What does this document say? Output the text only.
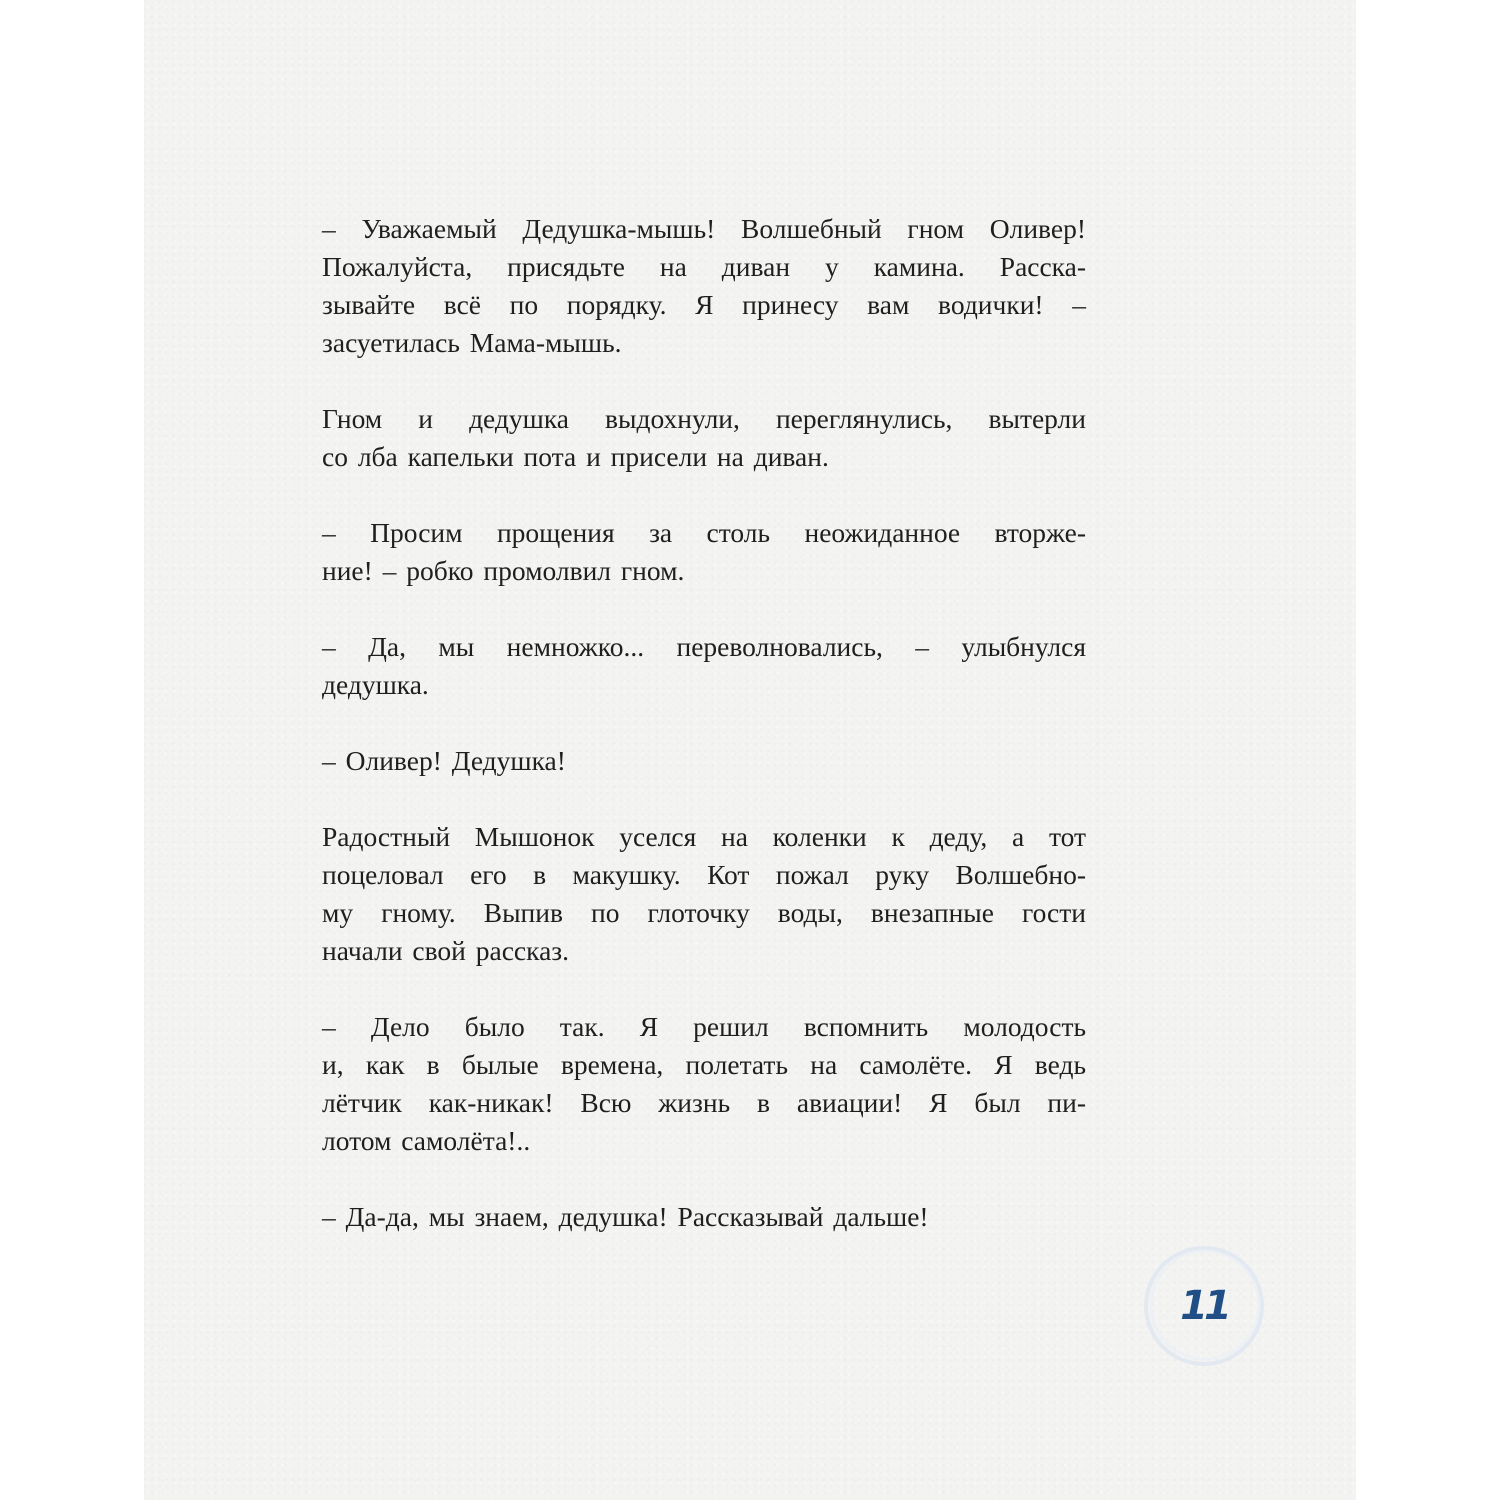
– Уважаемый Дедушка-мышь! Волшебный гном Оливер!
Пожалуйста, присядьте на диван у камина. Расска-
зывайте всё по порядку. Я принесу вам водички! –
засуетилась Мама-мышь.
Гном и дедушка выдохнули, переглянулись, вытерли
со лба капельки пота и присели на диван.
– Просим прощения за столь неожиданное вторже-
ние! – робко промолвил гном.
– Да, мы немножко... переволновались, – улыбнулся
дедушка.
– Оливер! Дедушка!
Радостный Мышонок уселся на коленки к деду, а тот
поцеловал его в макушку. Кот пожал руку Волшебно-
му гному. Выпив по глоточку воды, внезапные гости
начали свой рассказ.
– Дело было так. Я решил вспомнить молодость
и, как в былые времена, полетать на самолёте. Я ведь
лётчик как-никак! Всю жизнь в авиации! Я был пи-
лотом самолёта!..
– Да-да, мы знаем, дедушка! Рассказывай дальше!
11
